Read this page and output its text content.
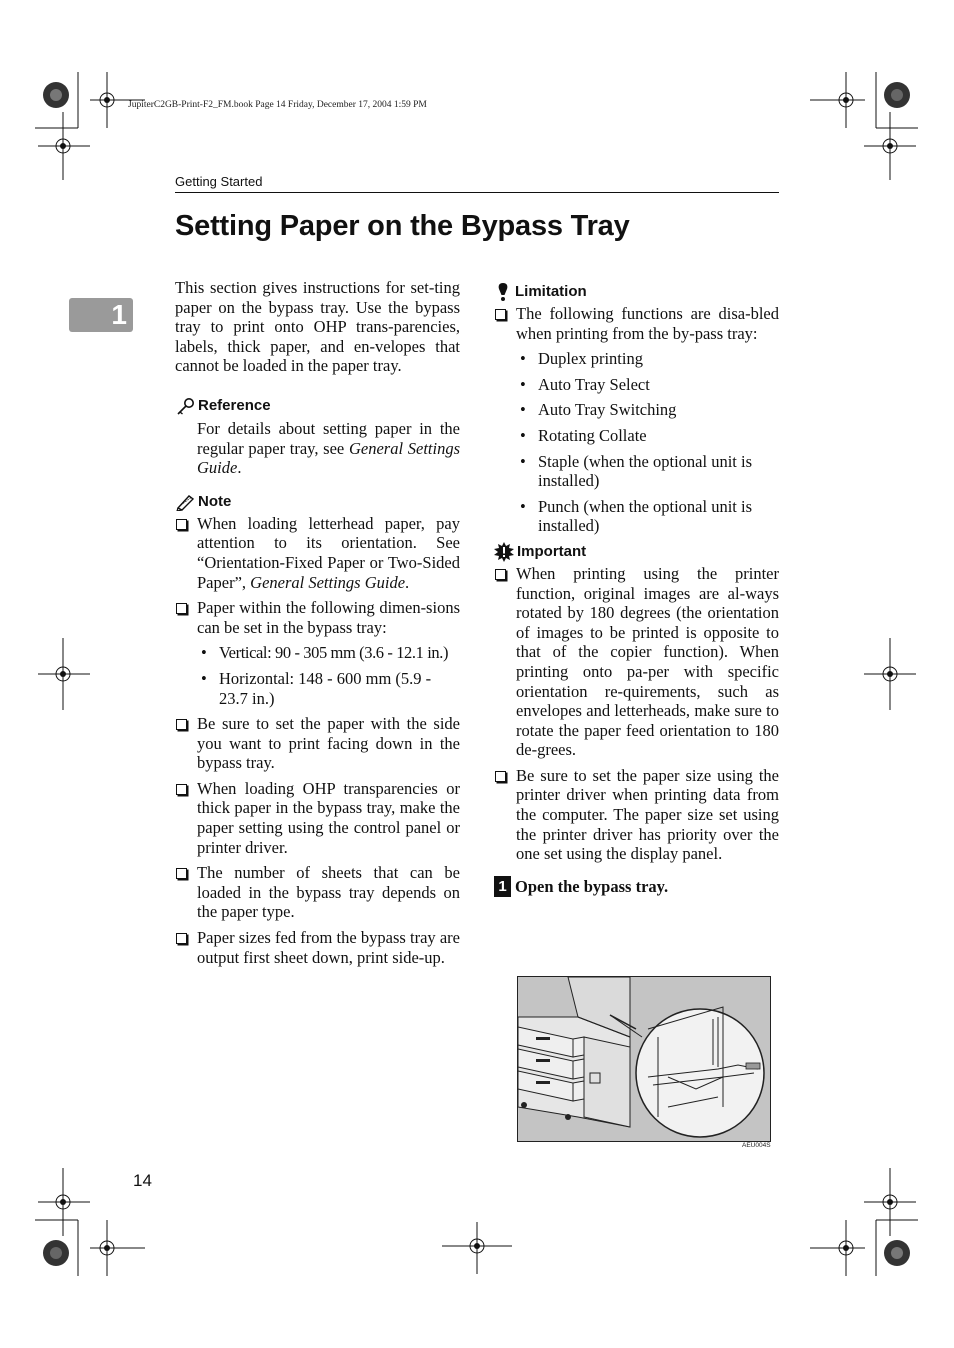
JupiterC2GB-Print-F2_FM.book Page 14 Friday, December 17, 2004 1:59 PM
Getting Started
Setting Paper on the Bypass Tray
1

This section gives instructions for set-ting paper on the bypass tray. Use the bypass tray to print onto OHP trans-parencies, labels, thick paper, and en-velopes that cannot be loaded in the paper tray.

Reference
For details about setting paper in the regular paper tray, see General Settings Guide.
Note
When loading letterhead paper, pay attention to its orientation. See “Orientation-Fixed Paper or Two-Sided Paper”, General Settings Guide.
Paper within the following dimen-sions can be set in the bypass tray:
• Vertical: 90 - 305 mm (3.6 - 12.1 in.)
• Horizontal: 148 - 600 mm (5.9 - 23.7 in.)
Be sure to set the paper with the side you want to print facing down in the bypass tray.
When loading OHP transparencies or thick paper in the bypass tray, make the paper setting using the control panel or printer driver.
The number of sheets that can be loaded in the bypass tray depends on the paper type.
Paper sizes fed from the bypass tray are output first sheet down, print side-up.
Limitation
The following functions are disa-bled when printing from the by-pass tray:
• Duplex printing
• Auto Tray Select
• Auto Tray Switching
• Rotating Collate
• Staple (when the optional unit is installed)
• Punch (when the optional unit is installed)
Important
When printing using the printer function, original images are al-ways rotated by 180 degrees (the orientation of images to be printed is opposite to that of the copier function). When printing onto pa-per with specific orientation re-quirements, such as envelopes and letterheads, make sure to rotate the paper feed orientation to 180 de-grees.
Be sure to set the paper size using the printer driver when printing data from the computer. The paper size set using the printer driver has priority over the one set using the display panel.
1 Open the bypass tray.
AEU004S
14
